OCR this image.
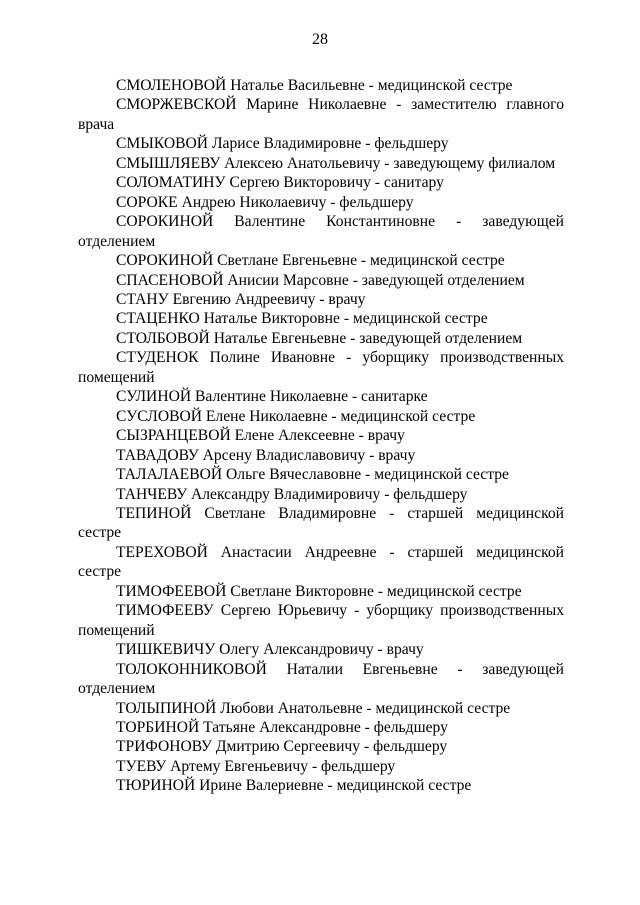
28

СМОЛЕНОВОЙ Наталье Васильевне - медицинской сестре

СМОРЖЕВСКОЙ Марине Николаевне - заместителю главного врача

СМЫКОВОЙ Ларисе Владимировне - фельдшеру

СМЫШЛЯЕВУ Алексею Анатольевичу - заведующему филиалом

СОЛОМАТИНУ Сергею Викторовичу - санитару

СОРОКЕ Андрею Николаевичу - фельдшеру

СОРОКИНОЙ Валентине Константиновне - заведующей отделением

СОРОКИНОЙ Светлане Евгеньевне - медицинской сестре

СПАСЕНОВОЙ Анисии Марсовне - заведующей отделением

СТАНУ Евгению Андреевичу - врачу

СТАЦЕНКО Наталье Викторовне - медицинской сестре

СТОЛБОВОЙ Наталье Евгеньевне - заведующей отделением

СТУДЕНОК Полине Ивановне - уборщику производственных помещений

СУЛИНОЙ Валентине Николаевне - санитарке

СУСЛОВОЙ Елене Николаевне - медицинской сестре

СЫЗРАНЦЕВОЙ Елене Алексеевне - врачу

ТАВАДОВУ Арсену Владиславовичу - врачу

ТАЛАЛАЕВОЙ Ольге Вячеславовне - медицинской сестре

ТАНЧЕВУ Александру Владимировичу - фельдшеру

ТЕПИНОЙ Светлане Владимировне - старшей медицинской сестре

ТЕРЕХОВОЙ Анастасии Андреевне - старшей медицинской сестре

ТИМОФЕЕВОЙ Светлане Викторовне - медицинской сестре

ТИМОФЕЕВУ Сергею Юрьевичу - уборщику производственных помещений

ТИШКЕВИЧУ Олегу Александровичу - врачу

ТОЛОКОННИКОВОЙ Наталии Евгеньевне - заведующей отделением

ТОЛЫПИНОЙ Любови Анатольевне - медицинской сестре

ТОРБИНОЙ Татьяне Александровне - фельдшеру

ТРИФОНОВУ Дмитрию Сергеевичу - фельдшеру

ТУЕВУ Артему Евгеньевичу - фельдшеру

ТЮРИНОЙ Ирине Валериевне - медицинской сестре
